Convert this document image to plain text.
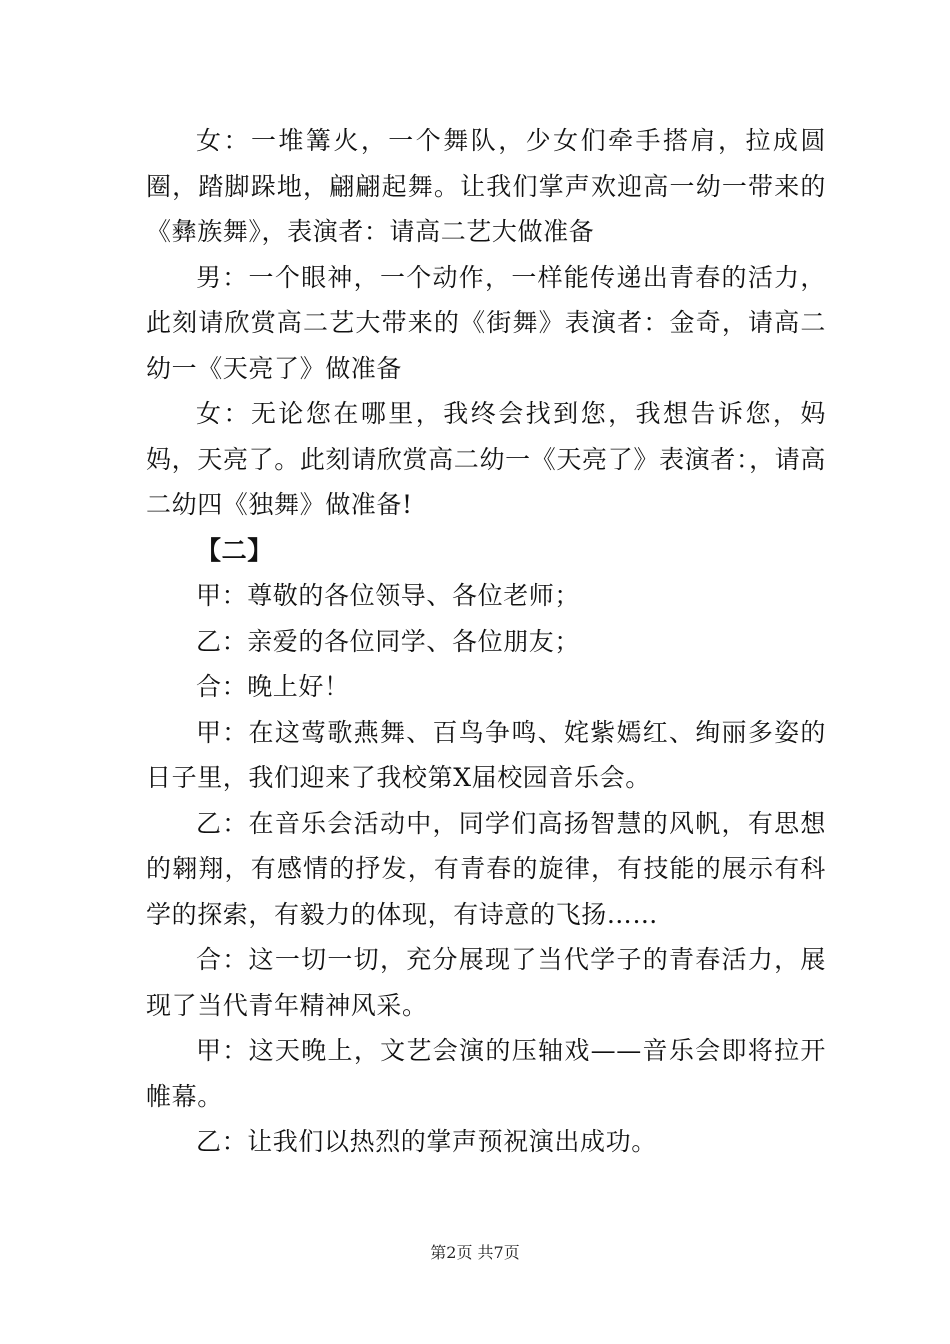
女：一堆篝火，一个舞队，少女们牵手搭肩，拉成圆圈，踏脚跺地，翩翩起舞。让我们掌声欢迎高一幼一带来的《彝族舞》，表演者：请高二艺大做准备

男：一个眼神，一个动作，一样能传递出青春的活力，此刻请欣赏高二艺大带来的《街舞》表演者：金奇，请高二幼一《天亮了》做准备

女：无论您在哪里，我终会找到您，我想告诉您，妈妈，天亮了。此刻请欣赏高二幼一《天亮了》表演者：，请高二幼四《独舞》做准备!

【二】

甲：尊敬的各位领导、各位老师；

乙：亲爱的各位同学、各位朋友；

合：晚上好！

甲：在这莺歌燕舞、百鸟争鸣、姹紫嫣红、绚丽多姿的日子里，我们迎来了我校第X届校园音乐会。

乙：在音乐会活动中，同学们高扬智慧的风帆，有思想的翱翔，有感情的抒发，有青春的旋律，有技能的展示有科学的探索，有毅力的体现，有诗意的飞扬……

合：这一切一切，充分展现了当代学子的青春活力，展现了当代青年精神风采。

甲：这天晚上，文艺会演的压轴戏——音乐会即将拉开帷幕。

乙：让我们以热烈的掌声预祝演出成功。

第2页 共7页
